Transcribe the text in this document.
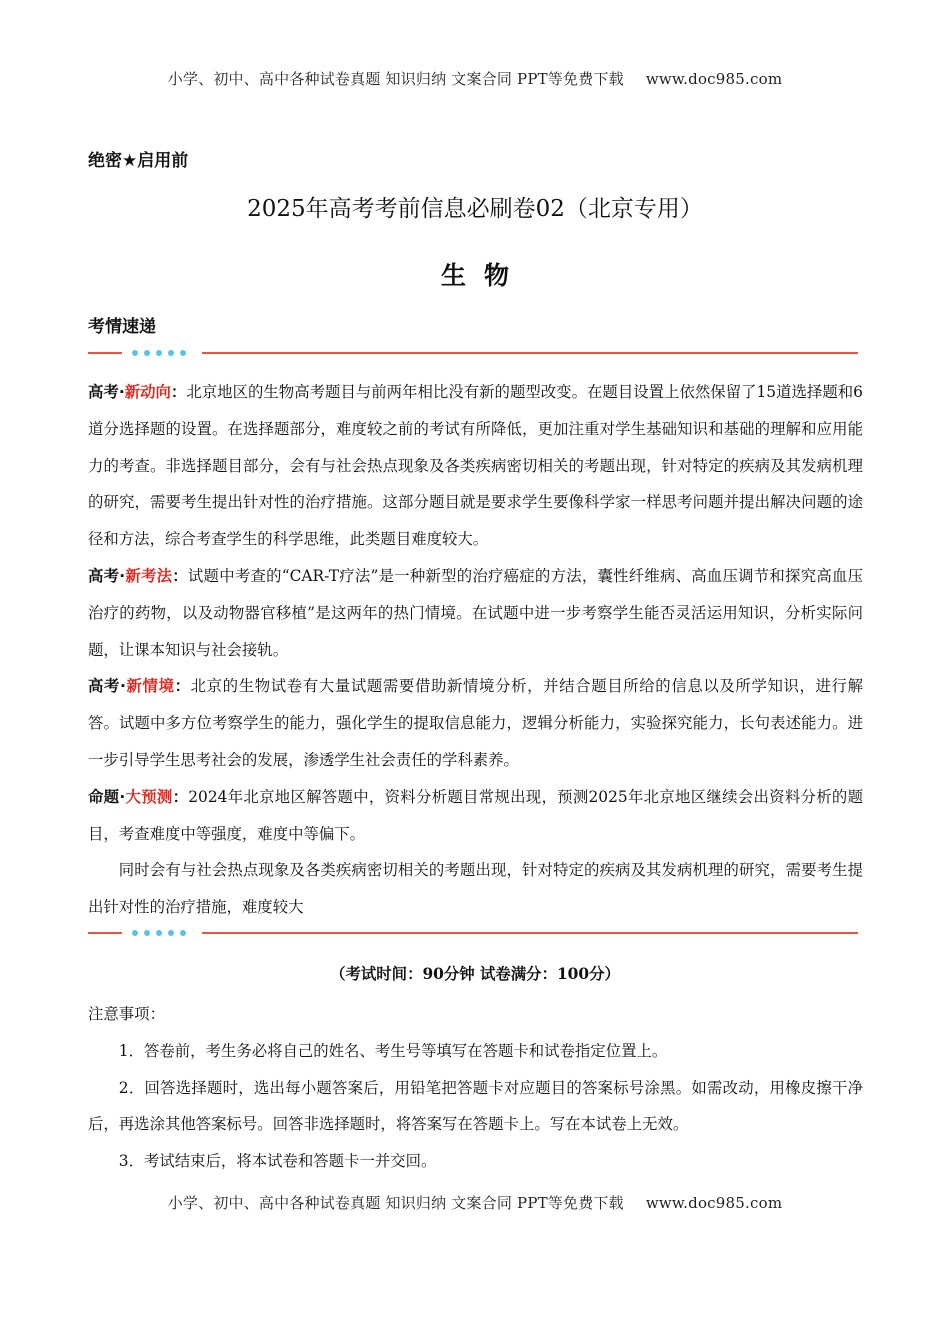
小学、初中、高中各种试卷真题 知识归纳 文案合同 PPT等免费下载 www.doc985.com
绝密★启用前
2025年高考考前信息必刷卷02（北京专用）
生物
考情速递

高考·新动向：北京地区的生物高考题目与前两年相比没有新的题型改变。在题目设置上依然保留了15道选择题和6道分选择题的设置。在选择题部分，难度较之前的考试有所降低，更加注重对学生基础知识和基础的理解和应用能力的考查。非选择题目部分，会有与社会热点现象及各类疾病密切相关的考题出现，针对特定的疾病及其发病机理的研究，需要考生提出针对性的治疗措施。这部分题目就是要求学生要像科学家一样思考问题并提出解决问题的途径和方法，综合考查学生的科学思维，此类题目难度较大。

高考·新考法：试题中考查的“CAR-T疗法”是一种新型的治疗癌症的方法，囊性纤维病、高血压调节和探究高血压治疗的药物，以及动物器官移植”是这两年的热门情境。在试题中进一步考察学生能否灵活运用知识，分析实际问题，让课本知识与社会接轨。

高考·新情境：北京的生物试卷有大量试题需要借助新情境分析，并结合题目所给的信息以及所学知识，进行解答。试题中多方位考察学生的能力，强化学生的提取信息能力，逻辑分析能力，实验探究能力，长句表述能力。进一步引导学生思考社会的发展，渗透学生社会责任的学科素养。

命题·大预测：2024年北京地区解答题中，资料分析题目常规出现，预测2025年北京地区继续会出资料分析的题目，考查难度中等强度，难度中等偏下。

同时会有与社会热点现象及各类疾病密切相关的考题出现，针对特定的疾病及其发病机理的研究，需要考生提出针对性的治疗措施，难度较大

（考试时间：90分钟 试卷满分：100分）

注意事项：

1．答卷前，考生务必将自己的姓名、考生号等填写在答题卡和试卷指定位置上。

2．回答选择题时，选出每小题答案后，用铅笔把答题卡对应题目的答案标号涂黑。如需改动，用橡皮擦干净后，再选涂其他答案标号。回答非选择题时，将答案写在答题卡上。写在本试卷上无效。

3．考试结束后，将本试卷和答题卡一并交回。

小学、初中、高中各种试卷真题 知识归纳 文案合同 PPT等免费下载 www.doc985.com
